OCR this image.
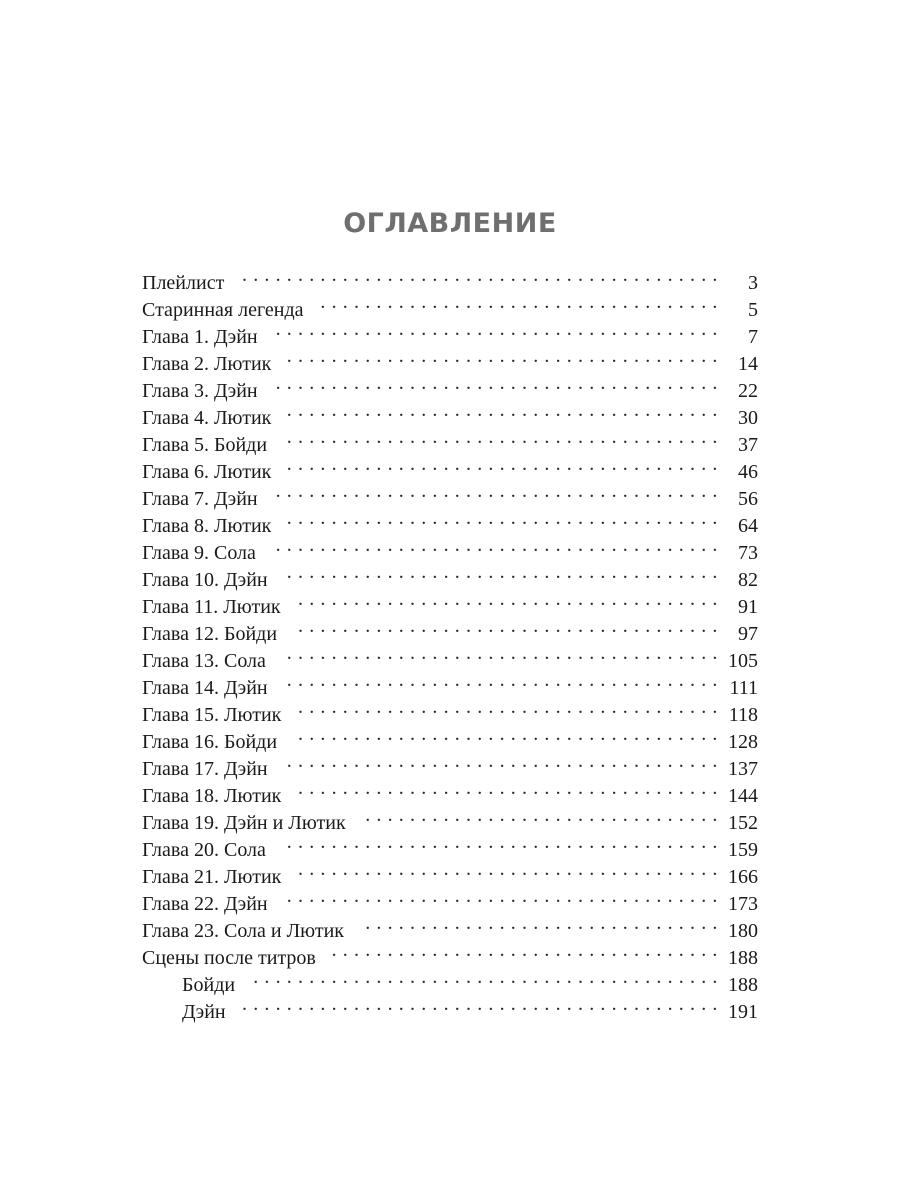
ОГЛАВЛЕНИЕ
Плейлист . . .	3
Старинная легенда . . .	5
Глава 1. Дэйн . . .	7
Глава 2. Лютик . . .	14
Глава 3. Дэйн . . .	22
Глава 4. Лютик . . .	30
Глава 5. Бойди . . .	37
Глава 6. Лютик . . .	46
Глава 7. Дэйн . . .	56
Глава 8. Лютик . . .	64
Глава 9. Сола . . .	73
Глава 10. Дэйн . . .	82
Глава 11. Лютик . . .	91
Глава 12. Бойди . . .	97
Глава 13. Сола . . .	105
Глава 14. Дэйн . . .	111
Глава 15. Лютик . . .	118
Глава 16. Бойди . . .	128
Глава 17. Дэйн . . .	137
Глава 18. Лютик . . .	144
Глава 19. Дэйн и Лютик . . .	152
Глава 20. Сола . . .	159
Глава 21. Лютик . . .	166
Глава 22. Дэйн . . .	173
Глава 23. Сола и Лютик . . .	180
Сцены после титров . . .	188
Бойди . . .	188
Дэйн . . .	191
